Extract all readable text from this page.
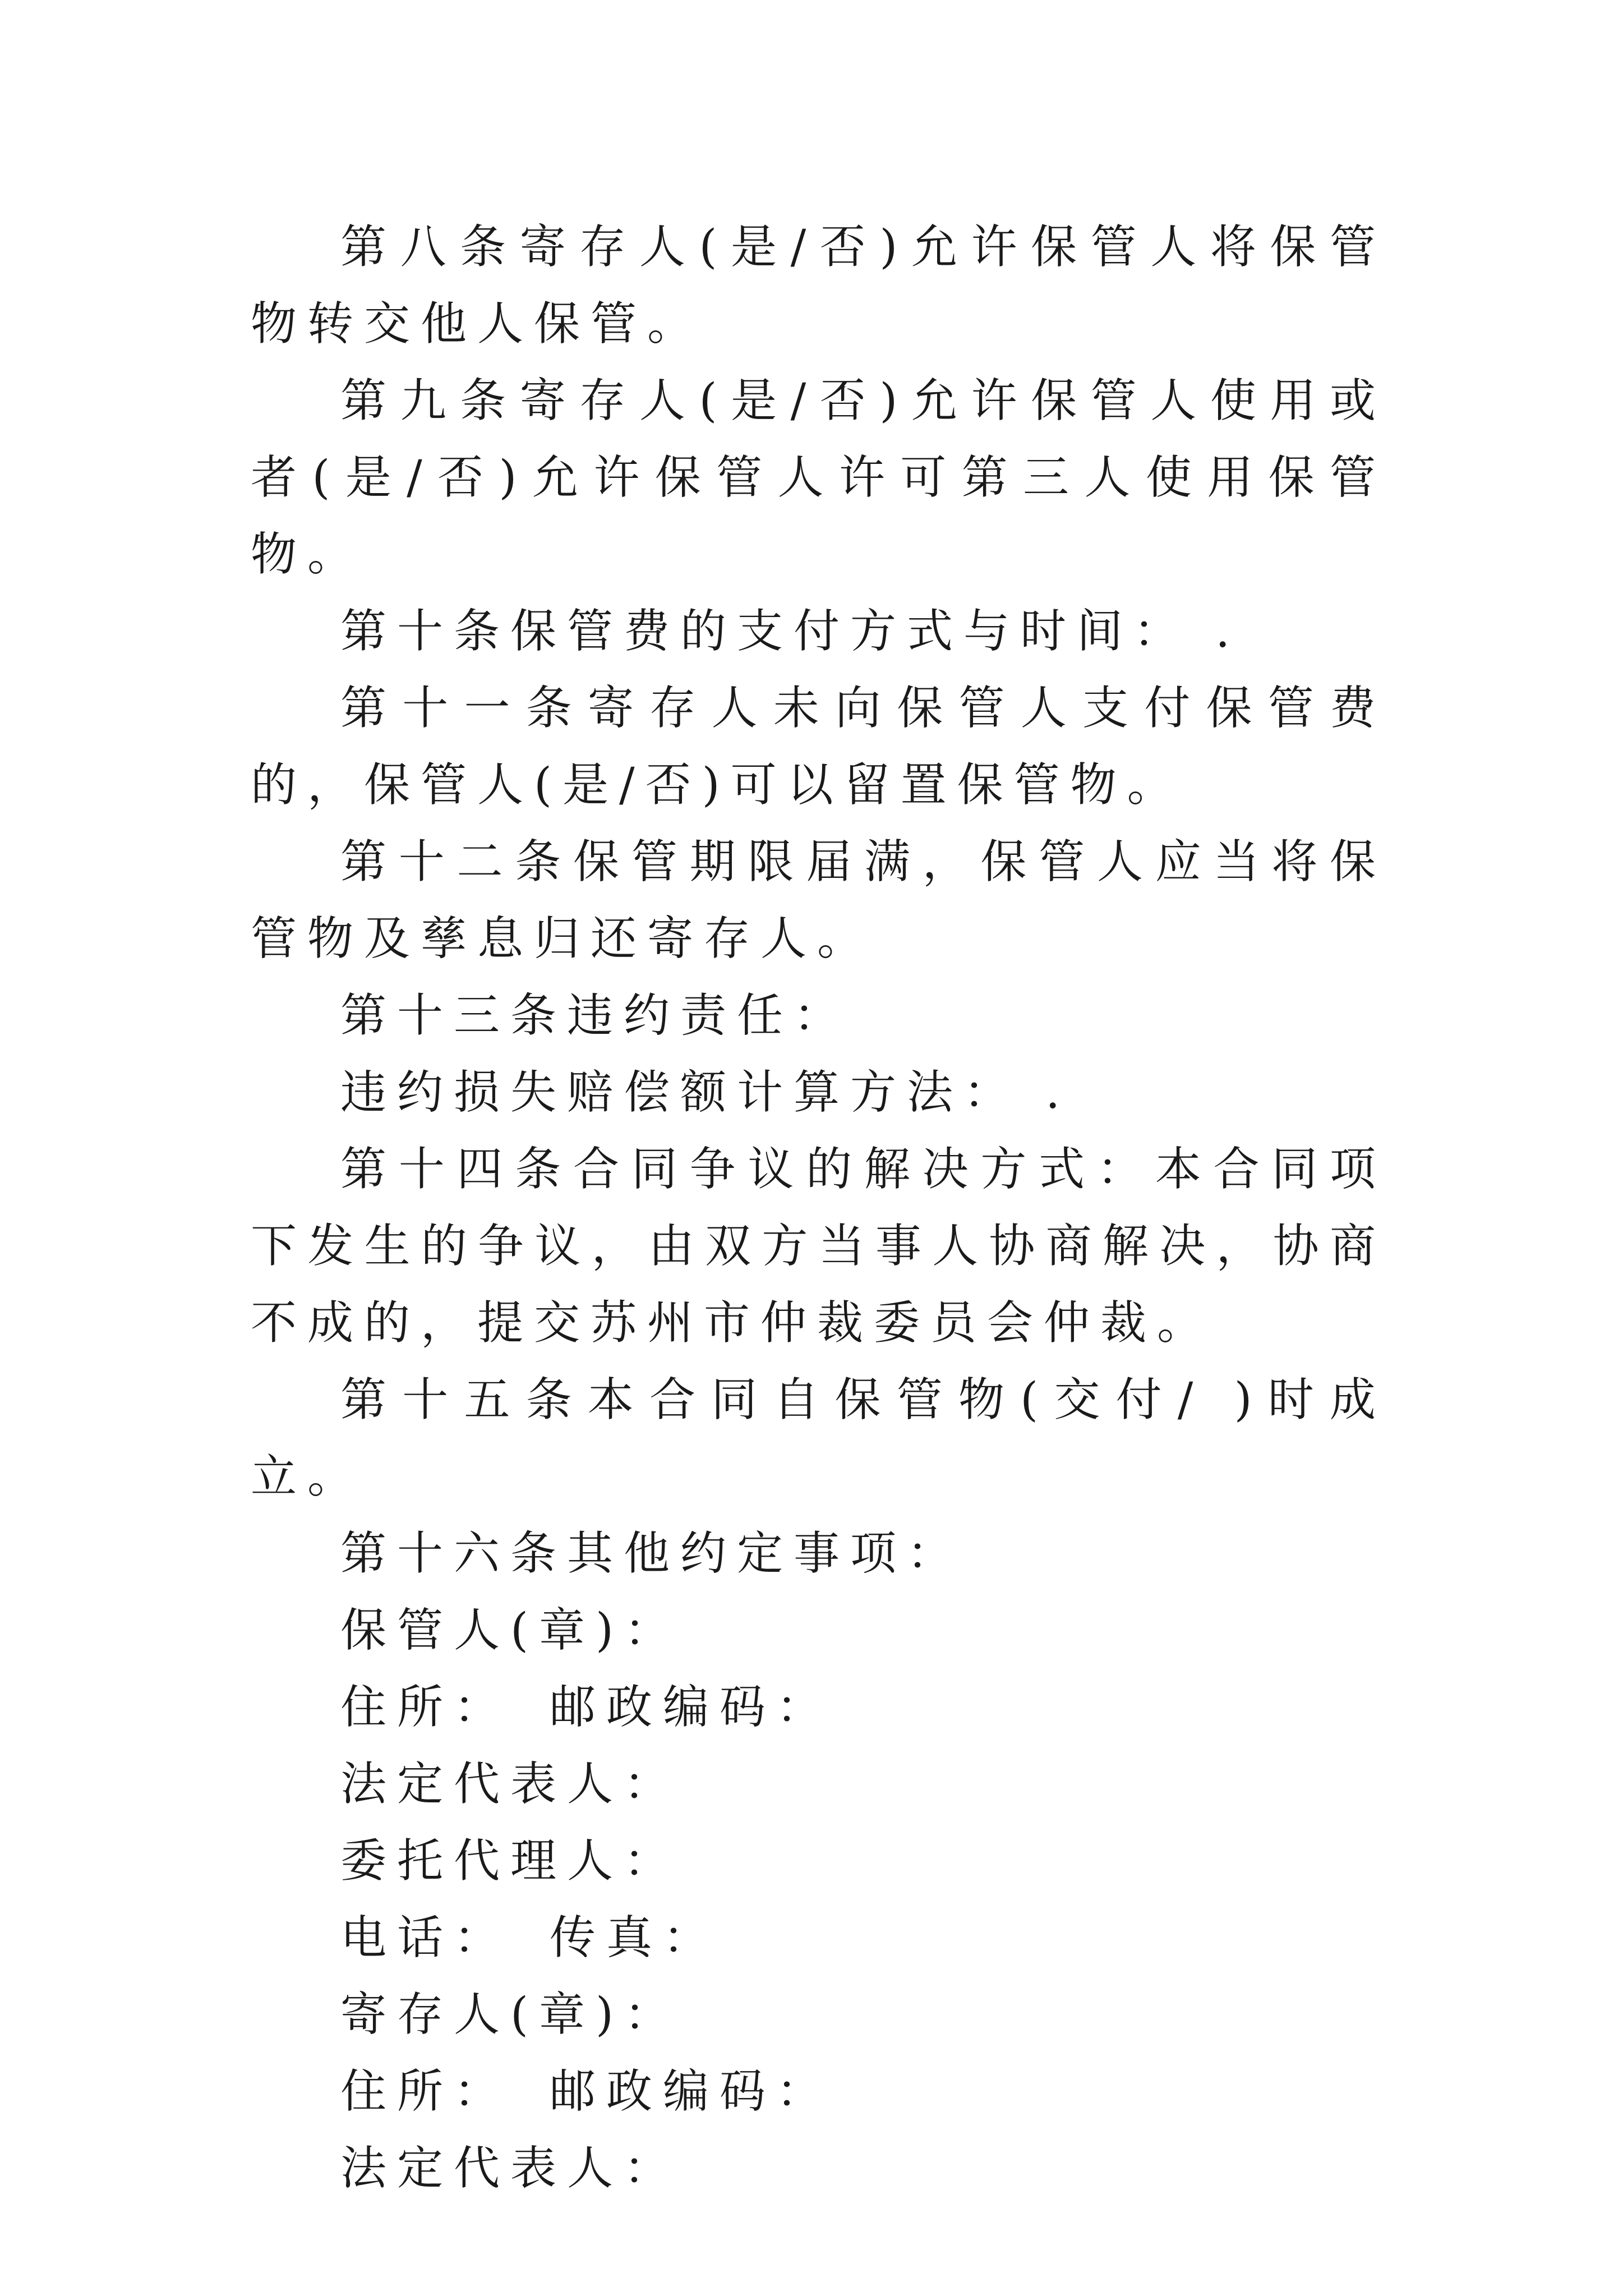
第八条寄存人(是/否)允许保管人将保管物转交他人保管。

第九条寄存人(是/否)允许保管人使用或者(是/否)允许保管人许可第三人使用保管物。

第十条保管费的支付方式与时间： .

第十一条寄存人未向保管人支付保管费的，保管人(是/否)可以留置保管物。

第十二条保管期限届满，保管人应当将保管物及孳息归还寄存人。

第十三条违约责任：

违约损失赔偿额计算方法： .

第十四条合同争议的解决方式：本合同项下发生的争议，由双方当事人协商解决，协商不成的，提交苏州市仲裁委员会仲裁。

第十五条本合同自保管物(交付/ )时成立。

第十六条其他约定事项：

保管人(章)：

住所： 邮政编码：

法定代表人：

委托代理人：

电话： 传真：

寄存人(章)：

住所： 邮政编码：

法定代表人：
